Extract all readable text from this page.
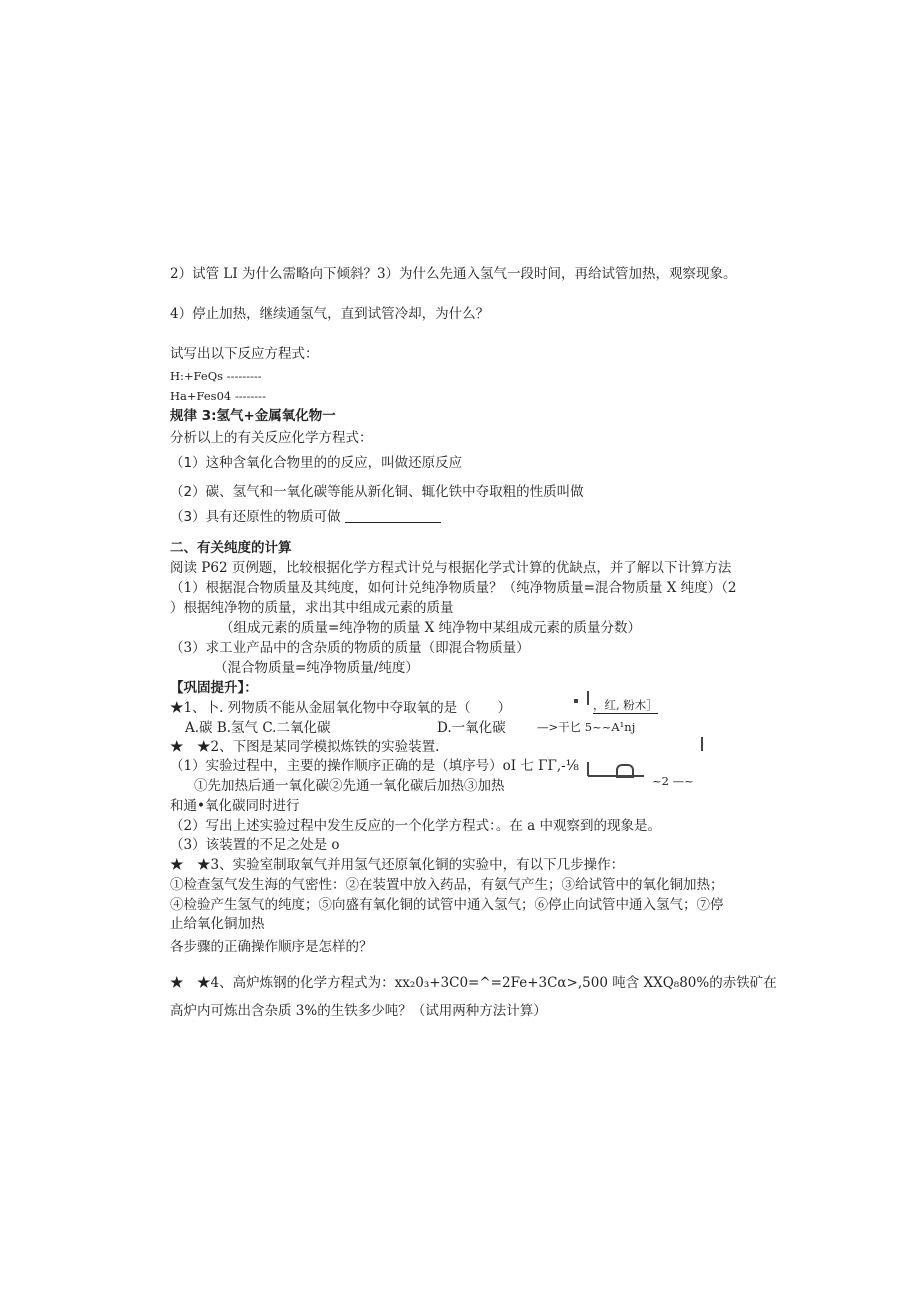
2）试管 LI 为什么需略向下倾斜？3）为什么先通入氢气一段时间，再给试管加热，观察现象。
4）停止加热，继续通氢气，直到试管冷却，为什么？
试写出以下反应方程式：
H:+FeQs ---------
Ha+Fes04 --------
规律 3:氢气+金属氧化物一
分析以上的有关反应化学方程式：
（1）这种含氧化合物里的的反应，叫做还原反应
（2）碳、氢气和一氧化碳等能从新化铜、辄化铁中夺取粗的性质叫做
（3）具有还原性的物质可做
二、有关纯度的计算
阅读 P62 页例题，比较根据化学方程式计兑与根据化学式计算的优缺点，并了解以下计算方法
（1）根据混合物质量及其纯度，如何计兑纯净物质量？（纯净物质量=混合物质量 X 纯度）（2
）根据纯净物的质量，求出其中组成元素的质量
（组成元素的质量=纯净物的质量 X 纯净物中某组成元素的质量分数）
（3）求工业产品中的含杂质的物质的质量（即混合物质量）
（混合物质量=纯净物质量/纯度）
【巩固提升】：
★1、卜. 列物质不能从金屈氧化物中夺取氧的是（　　）
A.碳 B.氢气 C.二氧化碳	D.一氧化碳
，红, 粉木］
—>干匕 5~~A¹nj
~2 —~
★　★2、下图是某同学模拟炼铁的实验装置.
（1）实验过程中，主要的操作顺序正确的是（填序号）oI 七 ΓΓ,-⅛
①先加热后通一氧化碳②先通一氧化碳后加热③加热
和通•氧化碳同时进行
（2）写出上述实验过程中发生反应的一个化学方程式：。在 a 中观察到的现象是。
（3）该装置的不足之处是 o
★　★3、实验室制取氧气并用氢气还原氧化铜的实验中，有以下几步操作：
①检查氢气发生海的气密性：②在装置中放入药品，有氨气产生；③给试管中的氧化铜加热；
④检验产生氢气的纯度；⑤向盛有氧化铜的试管中通入氢气；⑥停止向试管中通入氢气；⑦停
止给氧化铜加热
各步骤的正确操作顺序是怎样的？
★　★4、高炉炼钢的化学方程式为：xx₂0₃+3C0=^=2Fe+3Cα>,500 吨含 XXQ₈80%的赤铁矿在
高炉内可炼出含杂质 3%的生铁多少吨？（试用两种方法计算）
